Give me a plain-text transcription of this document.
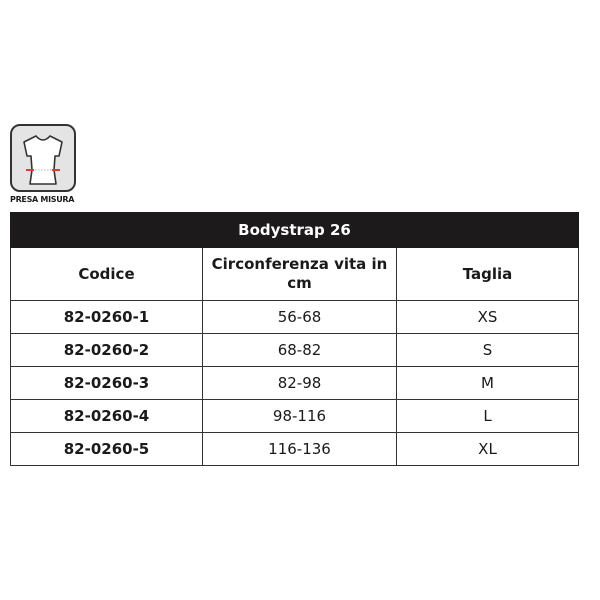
PRESA MISURA
Bodystrap 26		
Codice	Circonferenza vita in cm	Taglia
82-0260-1	56-68	XS
82-0260-2	68-82	S
82-0260-3	82-98	M
82-0260-4	98-116	L
82-0260-5	116-136	XL
